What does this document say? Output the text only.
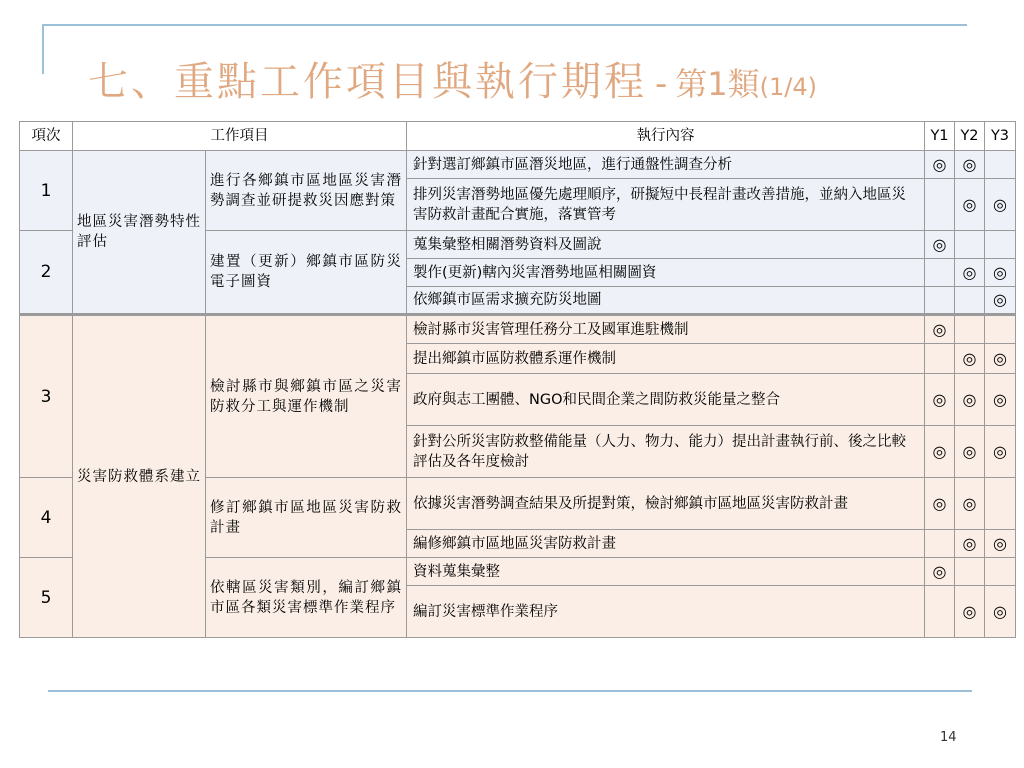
七、重點工作項目與執行期程 - 第1類 (1/4)
項次	工作項目		執行內容	Y1	Y2	Y3
1	地區災害潛勢特性評估	進行各鄉鎮市區地區災害潛勢調查並研提救災因應對策	針對選訂鄉鎮市區潛災地區，進行通盤性調查分析	◎	◎	
			排列災害潛勢地區優先處理順序，研擬短中長程計畫改善措施，並納入地區災害防救計畫配合實施，落實管考		◎	◎
2		建置（更新）鄉鎮市區防災電子圖資	蒐集彙整相關潛勢資料及圖說	◎		
			製作(更新)轄內災害潛勢地區相關圖資		◎	◎
			依鄉鎮市區需求擴充防災地圖			◎
3	災害防救體系建立	檢討縣市與鄉鎮市區之災害防救分工與運作機制	檢討縣市災害管理任務分工及國軍進駐機制	◎		
			提出鄉鎮市區防救體系運作機制		◎	◎
			政府與志工團體、NGO和民間企業之間防救災能量之整合	◎	◎	◎
			針對公所災害防救整備能量（人力、物力、能力）提出計畫執行前、後之比較評估及各年度檢討	◎	◎	◎
4		修訂鄉鎮市區地區災害防救計畫	依據災害潛勢調查結果及所提對策，檢討鄉鎮市區地區災害防救計畫	◎	◎	
			編修鄉鎮市區地區災害防救計畫		◎	◎
5		依轄區災害類別，編訂鄉鎮市區各類災害標準作業程序	資料蒐集彙整	◎		
			編訂災害標準作業程序		◎	◎
14
